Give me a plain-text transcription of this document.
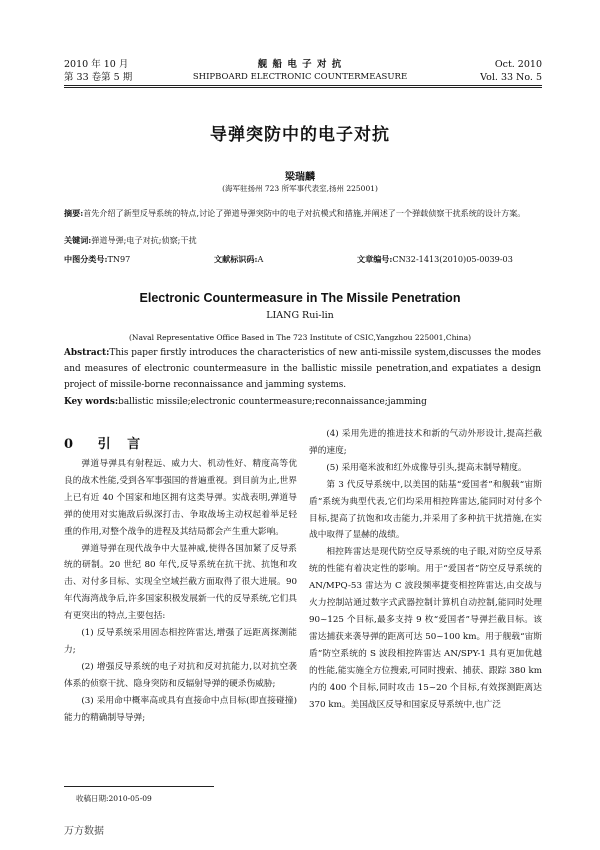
2010 年 10 月
第 33 卷第 5 期
舰 船 电 子 对 抗
SHIPBOARD ELECTRONIC COUNTERMEASURE
Oct. 2010
Vol. 33 No. 5
导弹突防中的电子对抗
梁瑞麟
(海军驻扬州 723 所军事代表室,扬州 225001)
摘要:首先介绍了新型反导系统的特点,讨论了弹道导弹突防中的电子对抗模式和措施,并阐述了一个弹载侦察干扰系统的设计方案。
关键词:弹道导弹;电子对抗;侦察;干扰
中图分类号:TN97	文献标识码:A	文章编号:CN32-1413(2010)05-0039-03
Electronic Countermeasure in The Missile Penetration
LIANG Rui-lin
(Naval Representative Office Based in The 723 Institute of CSIC,Yangzhou 225001,China)
Abstract:This paper firstly introduces the characteristics of new anti-missile system,discusses the modes and measures of electronic countermeasure in the ballistic missile penetration,and expatiates a design project of missile-borne reconnaissance and jamming systems.
Key words:ballistic missile;electronic countermeasure;reconnaissance;jamming
0 引 言

弹道导弹具有射程远、威力大、机动性好、精度高等优良的战术性能,受到各军事强国的普遍重视。到目前为止,世界上已有近 40 个国家和地区拥有这类导弹。实战表明,弹道导弹的使用对实施敌后纵深打击、争取战场主动权起着举足轻重的作用,对整个战争的进程及其结局都会产生重大影响。

弹道导弹在现代战争中大显神威,使得各国加紧了反导系统的研制。20 世纪 80 年代,反导系统在抗干扰、抗饱和攻击、对付多目标、实现全空域拦截方面取得了很大进展。90 年代海湾战争后,许多国家积极发展新一代的反导系统,它们具有更突出的特点,主要包括:

(1) 反导系统采用固态相控阵雷达,增强了远距离探测能力;

(2) 增强反导系统的电子对抗和反对抗能力,以对抗空袭体系的侦察干扰、隐身突防和反辐射导弹的硬杀伤威胁;

(3) 采用命中概率高或具有直接命中点目标(即直接碰撞)能力的精确制导导弹;

(4) 采用先进的推进技术和新的气动外形设计,提高拦截弹的速度;

(5) 采用毫米波和红外成像导引头,提高末制导精度。

第 3 代反导系统中,以美国的陆基“爱国者”和舰载“宙斯盾”系统为典型代表,它们均采用相控阵雷达,能同时对付多个目标,提高了抗饱和攻击能力,并采用了多种抗干扰措施,在实战中取得了显赫的战绩。

相控阵雷达是现代防空反导系统的电子眼,对防空反导系统的性能有着决定性的影响。用于“爱国者”防空反导系统的 AN/MPQ-53 雷达为 C 波段频率捷变相控阵雷达,由交战与火力控制站通过数字式武器控制计算机自动控制,能同时处理 90~125 个目标,最多支持 9 枚“爱国者”导弹拦截目标。该雷达捕获来袭导弹的距离可达 50~100 km。用于舰载“宙斯盾”防空系统的 S 波段相控阵雷达 AN/SPY-1 具有更加优越的性能,能实施全方位搜索,可同时搜索、捕获、跟踪 380 km 内的 400 个目标,同时攻击 15~20 个目标,有效探测距离达 370 km。美国战区反导和国家反导系统中,也广泛

收稿日期:2010-05-09
万方数据
